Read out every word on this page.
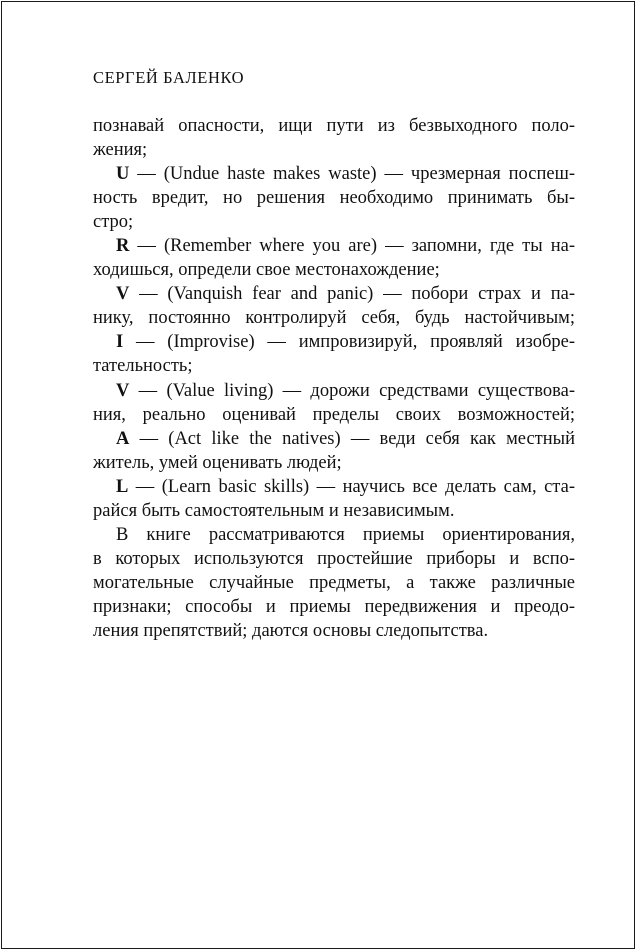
СЕРГЕЙ БАЛЕНКО
познавай опасности, ищи пути из безвыходного поло-
жения;
U — (Undue haste makes waste) — чрезмерная поспеш-
ность вредит, но решения необходимо принимать бы-
стро;
R — (Remember where you are) — запомни, где ты на-
ходишься, определи свое местонахождение;
V — (Vanquish fear and panic) — побори страх и па-
нику, постоянно контролируй себя, будь настойчивым;
I — (Improvise) — импровизируй, проявляй изобре-
тательность;
V — (Value living) — дорожи средствами существова-
ния, реально оценивай пределы своих возможностей;
A — (Act like the natives) — веди себя как местный
житель, умей оценивать людей;
L — (Learn basic skills) — научись все делать сам, ста-
райся быть самостоятельным и независимым.
В книге рассматриваются приемы ориентирования,
в которых используются простейшие приборы и вспо-
могательные случайные предметы, а также различные
признаки; способы и приемы передвижения и преодо-
ления препятствий; даются основы следопытства.
